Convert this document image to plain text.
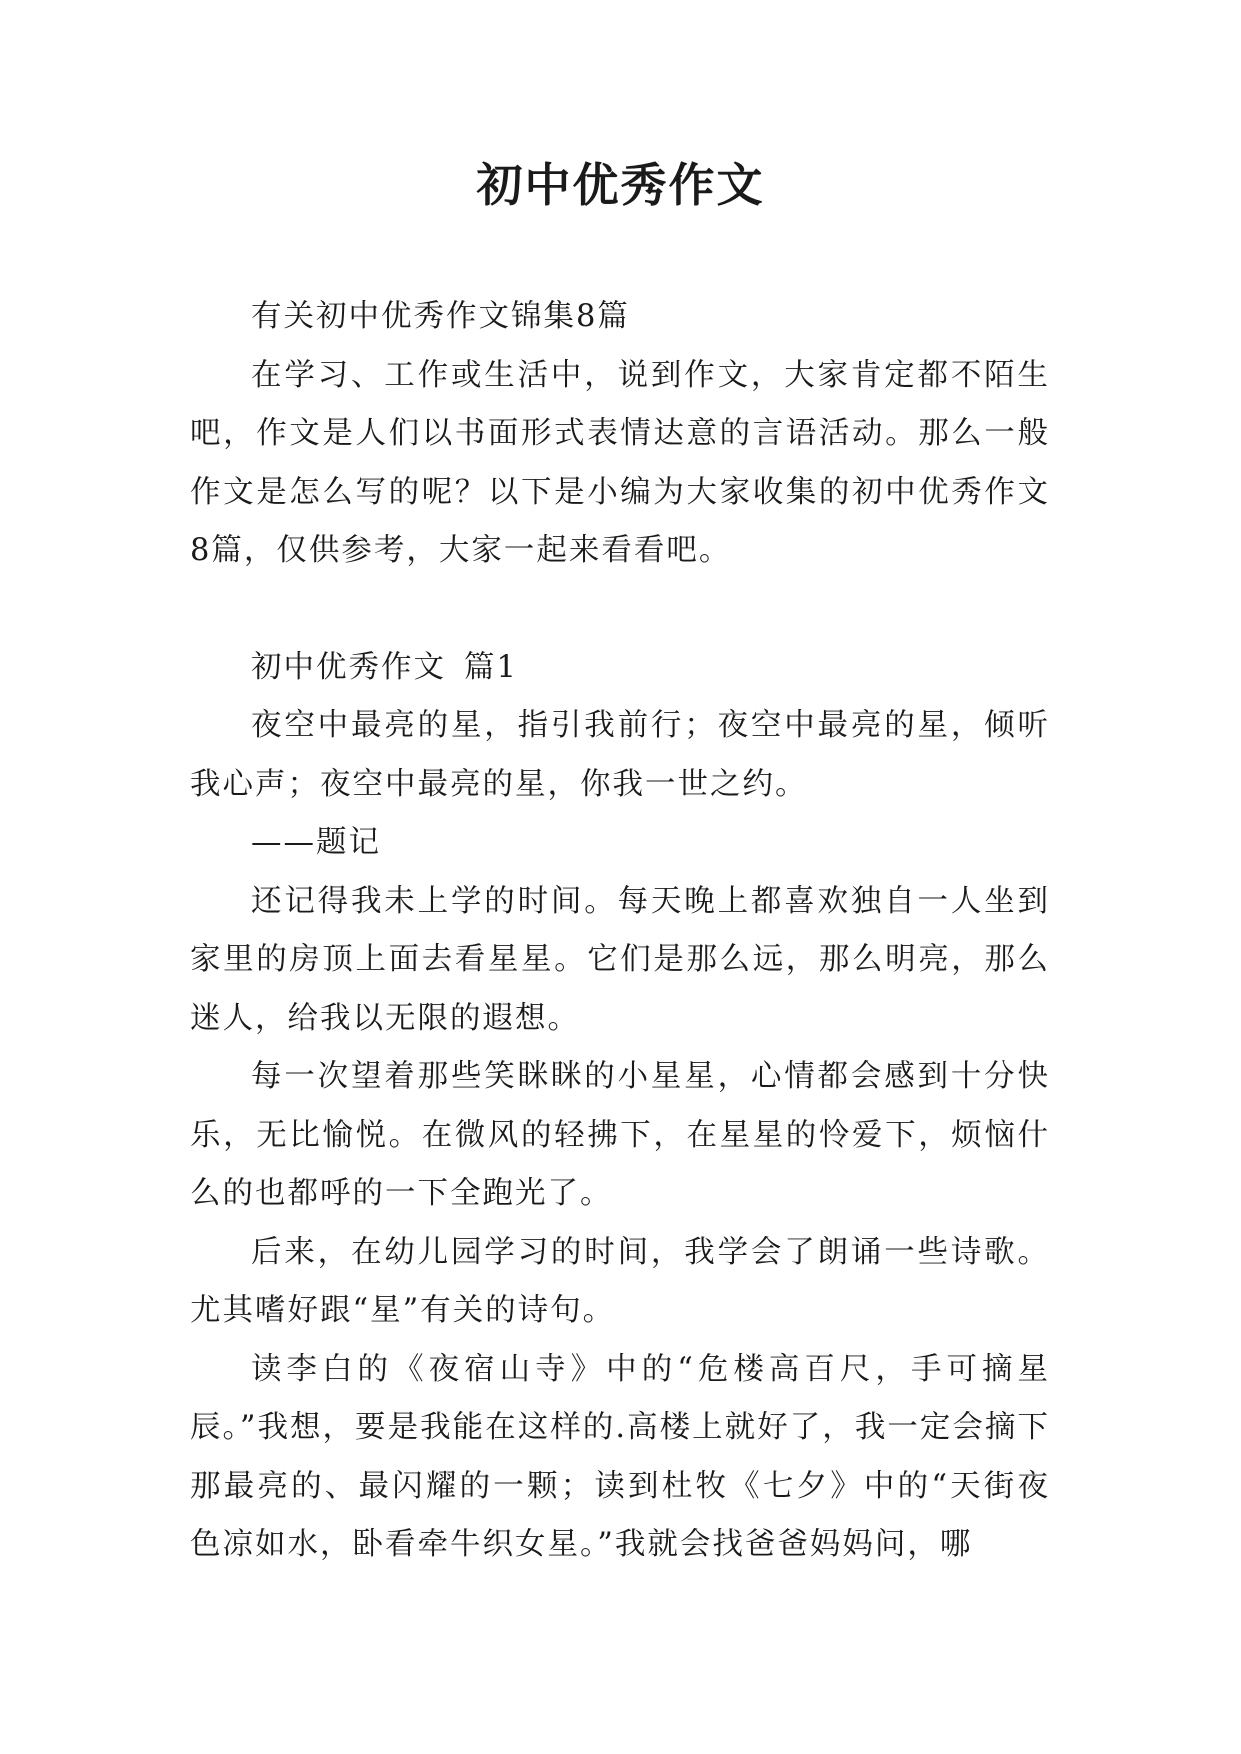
初中优秀作文

有关初中优秀作文锦集8篇

在学习、工作或生活中，说到作文，大家肯定都不陌生吧，作文是人们以书面形式表情达意的言语活动。那么一般作文是怎么写的呢？以下是小编为大家收集的初中优秀作文8篇，仅供参考，大家一起来看看吧。

初中优秀作文 篇1

夜空中最亮的星，指引我前行；夜空中最亮的星，倾听我心声；夜空中最亮的星，你我一世之约。

——题记

还记得我未上学的时间。每天晚上都喜欢独自一人坐到家里的房顶上面去看星星。它们是那么远，那么明亮，那么迷人，给我以无限的遐想。

每一次望着那些笑眯眯的小星星，心情都会感到十分快乐，无比愉悦。在微风的轻拂下，在星星的怜爱下，烦恼什么的也都呼的一下全跑光了。

后来，在幼儿园学习的时间，我学会了朗诵一些诗歌。尤其嗜好跟“星”有关的诗句。

读李白的《夜宿山寺》中的“危楼高百尺，手可摘星辰。”我想，要是我能在这样的.高楼上就好了，我一定会摘下那最亮的、最闪耀的一颗；读到杜牧《七夕》中的“天街夜色凉如水，卧看牵牛织女星。”我就会找爸爸妈妈问，哪
